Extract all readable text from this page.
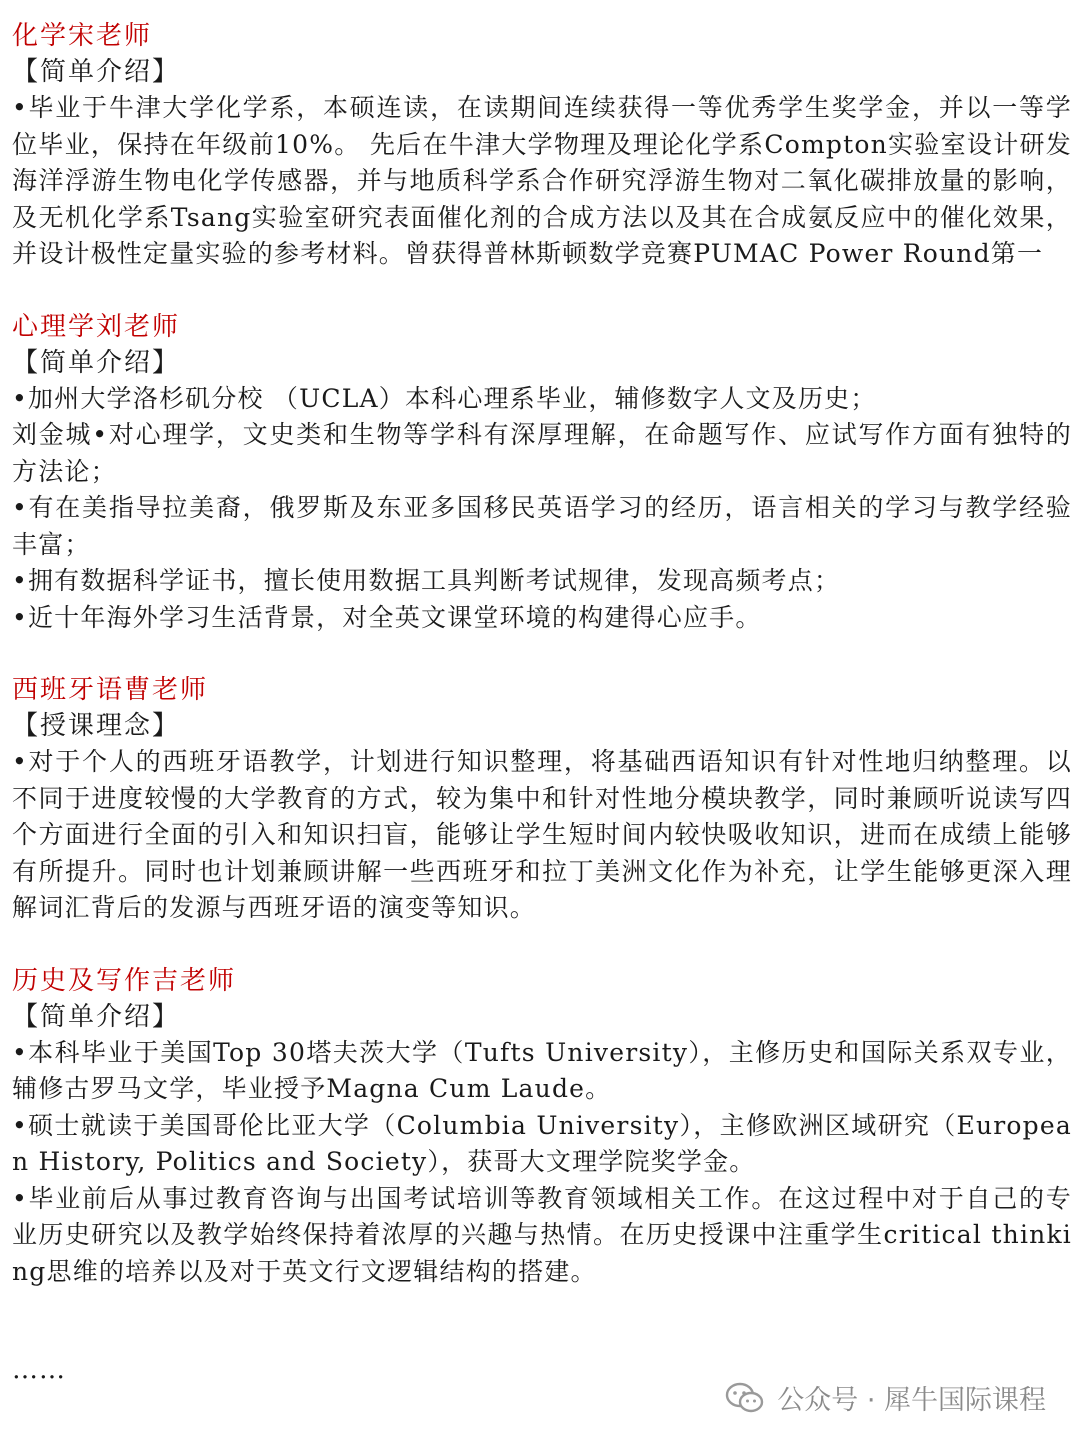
化学宋老师

【简单介绍】

•毕业于牛津大学化学系，本硕连读，在读期间连续获得一等优秀学生奖学金，并以一等学位毕业，保持在年级前10%。 先后在牛津大学物理及理论化学系Compton实验室设计研发海洋浮游生物电化学传感器，并与地质科学系合作研究浮游生物对二氧化碳排放量的影响，及无机化学系Tsang实验室研究表面催化剂的合成方法以及其在合成氨反应中的催化效果，并设计极性定量实验的参考材料。曾获得普林斯顿数学竞赛PUMAC Power Round第一

心理学刘老师

【简单介绍】

•加州大学洛杉矶分校 （UCLA）本科心理系毕业，辅修数字人文及历史；

刘金城•对心理学，文史类和生物等学科有深厚理解，在命题写作、应试写作方面有独特的方法论；

•有在美指导拉美裔，俄罗斯及东亚多国移民英语学习的经历，语言相关的学习与教学经验丰富；

•拥有数据科学证书，擅长使用数据工具判断考试规律，发现高频考点；

•近十年海外学习生活背景，对全英文课堂环境的构建得心应手。

西班牙语曹老师

【授课理念】

•对于个人的西班牙语教学，计划进行知识整理，将基础西语知识有针对性地归纳整理。以不同于进度较慢的大学教育的方式，较为集中和针对性地分模块教学，同时兼顾听说读写四个方面进行全面的引入和知识扫盲，能够让学生短时间内较快吸收知识，进而在成绩上能够有所提升。同时也计划兼顾讲解一些西班牙和拉丁美洲文化作为补充，让学生能够更深入理解词汇背后的发源与西班牙语的演变等知识。

历史及写作吉老师

【简单介绍】

•本科毕业于美国Top 30塔夫茨大学（Tufts University），主修历史和国际关系双专业，辅修古罗马文学，毕业授予Magna Cum Laude。

•硕士就读于美国哥伦比亚大学（Columbia University），主修欧洲区域研究（European History, Politics and Society），获哥大文理学院奖学金。

•毕业前后从事过教育咨询与出国考试培训等教育领域相关工作。在这过程中对于自己的专业历史研究以及教学始终保持着浓厚的兴趣与热情。在历史授课中注重学生critical thinking思维的培养以及对于英文行文逻辑结构的搭建。

……
公众号 · 犀牛国际课程
